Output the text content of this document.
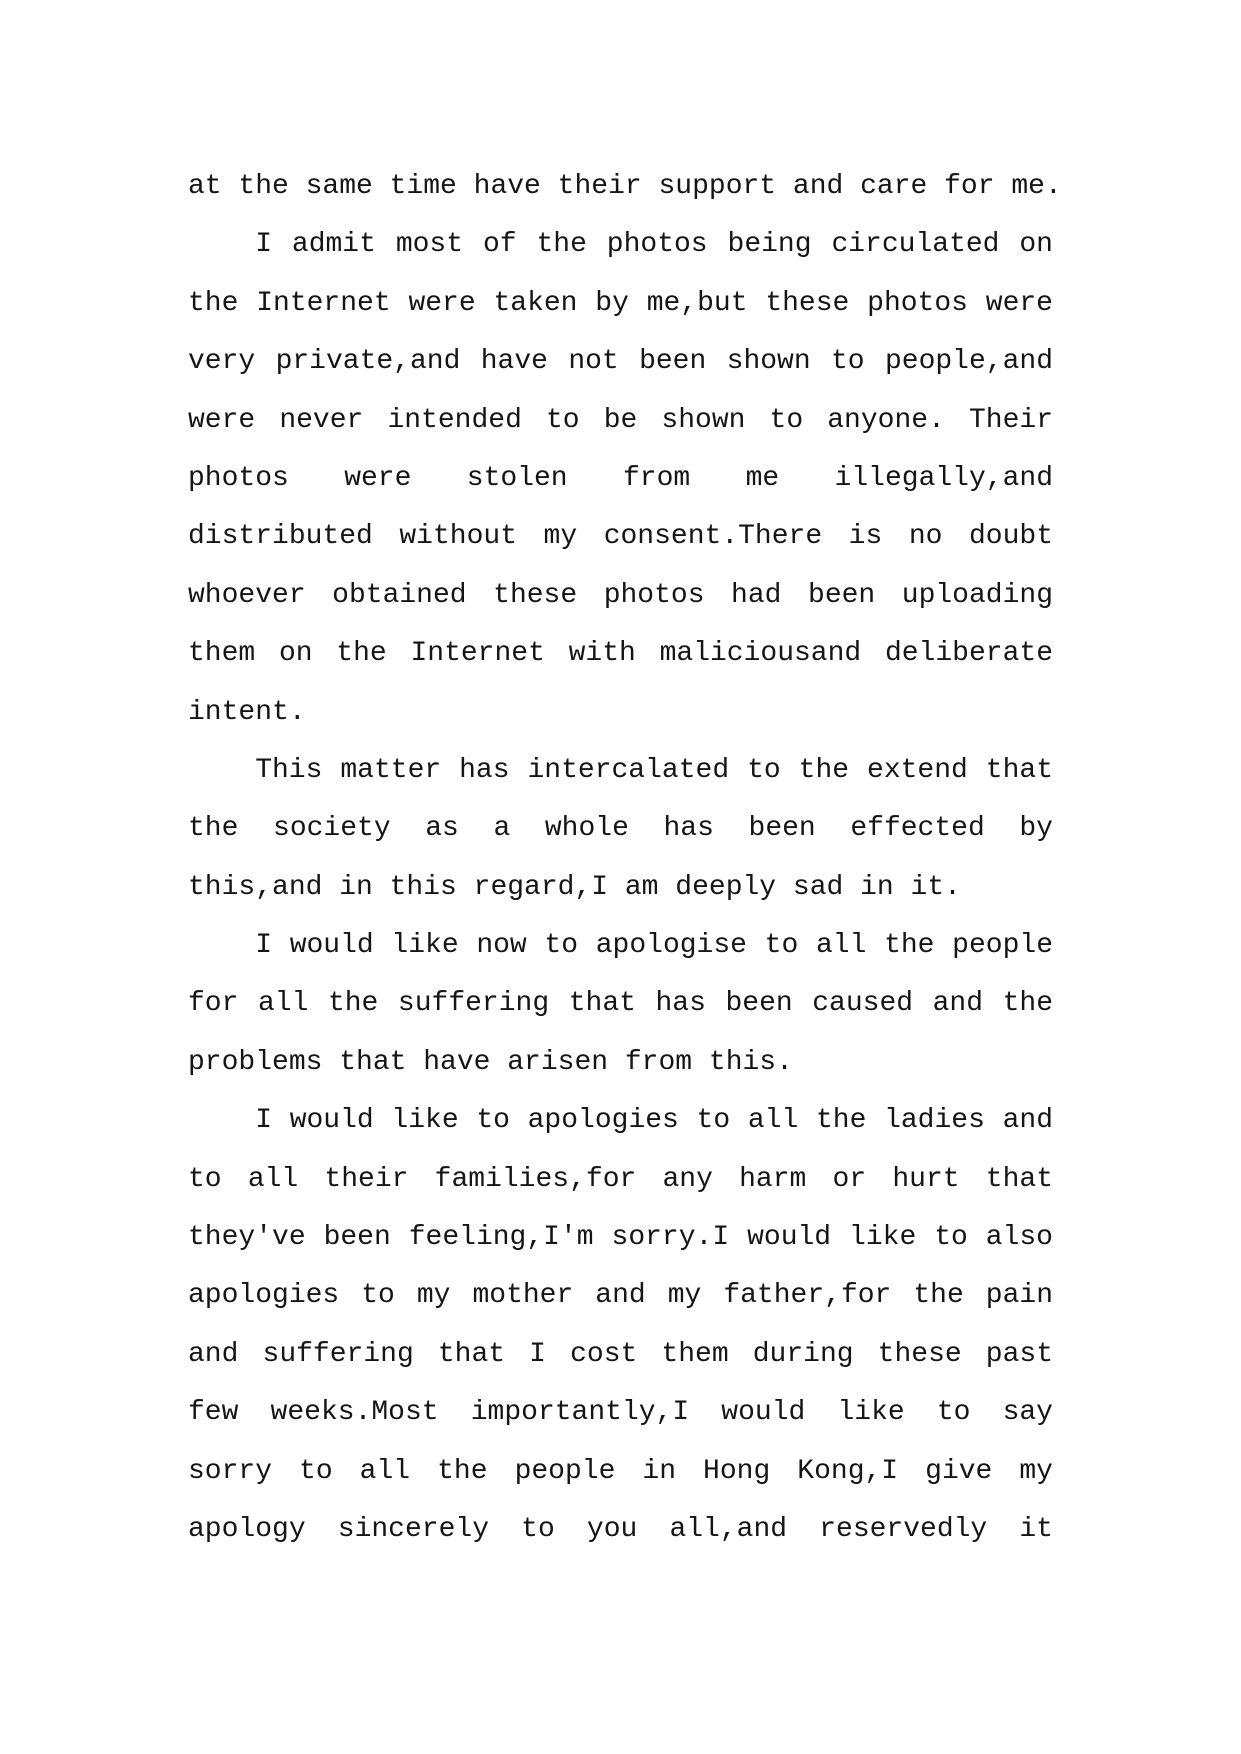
at the same time have their support and care for me.
I admit most of the photos being circulated on
the Internet were taken by me,but these photos were
very private,and have not been shown to people,and
were never intended to be shown to anyone. Their
photos were stolen from me illegally,and
distributed without my consent.There is no doubt
whoever obtained these photos had been uploading
them on the Internet with maliciousand deliberate
intent.
This matter has intercalated to the extend that
the society as a whole has been effected by
this,and in this regard,I am deeply sad in it.
I would like now to apologise to all the people
for all the suffering that has been caused and the
problems that have arisen from this.
I would like to apologies to all the ladies and
to all their families,for any harm or hurt that
they've been feeling,I'm sorry.I would like to also
apologies to my mother and my father,for the pain
and suffering that I cost them during these past
few weeks.Most importantly,I would like to say
sorry to all the people in Hong Kong,I give my
apology sincerely to you all,and reservedly it
